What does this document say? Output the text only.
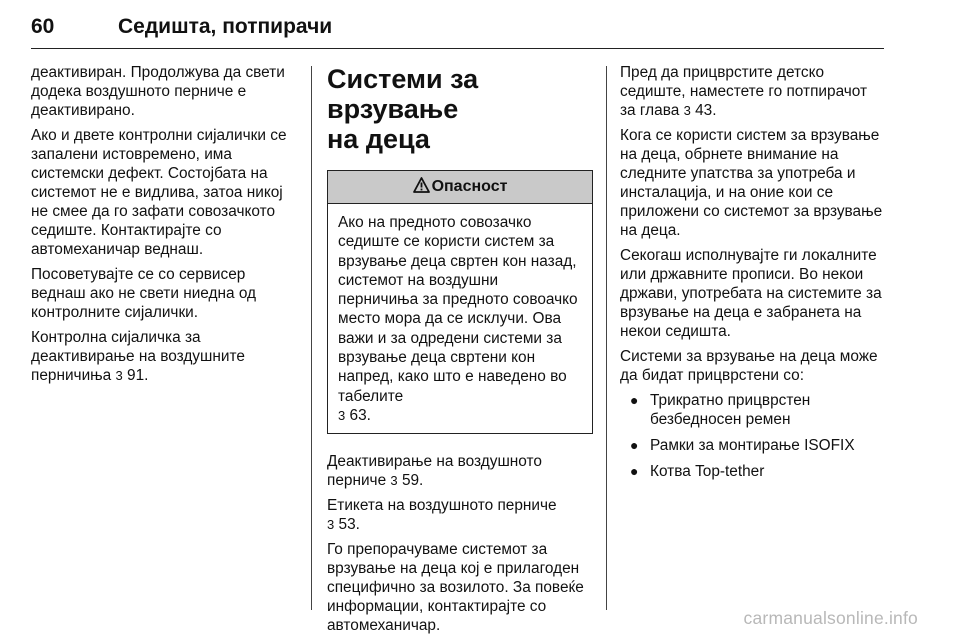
60	Седишта, потпирачи

деактивиран. Продолжува да свети додека воздушното перниче е деактивирано.

Ако и двете контролни сијалички се запалени истовремено, има системски дефект. Состојбата на системот не е видлива, затоа никој не смее да го зафати совозачкото седиште. Контактирајте со автомеханичар веднаш.

Посоветувајте се со сервисер веднаш ако не свети ниедна од контролните сијалички.

Контролна сијаличка за деактивирање на воздушните перничиња 3 91.

Системи за врзување
на деца
Опасност
Ако на предното совозачко седиште се користи систем за врзување деца свртен кон назад, системот на воздушни перничиња за предното совоачко место мора да се исклучи. Ова важи и за одредени системи за врзување деца свртени кон напред, како што е наведено во табелите
3 63.

Деактивирање на воздушното перниче 3 59.

Етикета на воздушното перниче
3 53.

Го препорачуваме системот за врзување на деца кој е прилагоден специфично за возилото. За повеќе информации, контактирајте со автомеханичар.

Пред да прицврстите детско седиште, наместете го потпирачот за глава 3 43.

Кога се користи систем за врзување на деца, обрнете внимание на следните упатства за употреба и инсталација, и на оние кои се приложени со системот за врзување на деца.

Секогаш исполнувајте ги локалните или државните прописи. Во некои држави, употребата на системите за врзување на деца е забранета на некои седишта.

Системи за врзување на деца може да бидат прицврстени со:

● Трикратно прицврстен безбедносен ремен
● Рамки за монтирање ISOFIX
● Котва Top-tether
carmanualsonline.info
